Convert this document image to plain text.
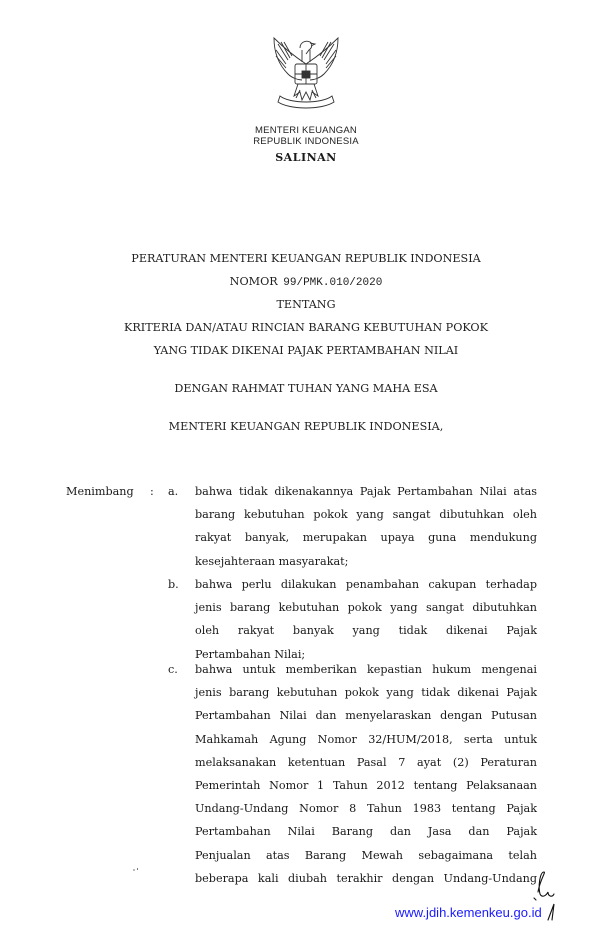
MENTERI KEUANGAN
REPUBLIK INDONESIA
SALINAN
PERATURAN MENTERI KEUANGAN REPUBLIK INDONESIA
NOMOR 99/PMK.010/2020
TENTANG
KRITERIA DAN/ATAU RINCIAN BARANG KEBUTUHAN POKOK
YANG TIDAK DIKENAI PAJAK PERTAMBAHAN NILAI
DENGAN RAHMAT TUHAN YANG MAHA ESA
MENTERI KEUANGAN REPUBLIK INDONESIA,
Menimbang : a. bahwa tidak dikenakannya Pajak Pertambahan Nilai atas
barang kebutuhan pokok yang sangat dibutuhkan oleh
rakyat banyak, merupakan upaya guna mendukung
kesejahteraan masyarakat;
b. bahwa perlu dilakukan penambahan cakupan terhadap
jenis barang kebutuhan pokok yang sangat dibutuhkan
oleh rakyat banyak yang tidak dikenai Pajak
Pertambahan Nilai;
c. bahwa untuk memberikan kepastian hukum mengenai
jenis barang kebutuhan pokok yang tidak dikenai Pajak
Pertambahan Nilai dan menyelaraskan dengan Putusan
Mahkamah Agung Nomor 32/HUM/2018, serta untuk
melaksanakan ketentuan Pasal 7 ayat (2) Peraturan
Pemerintah Nomor 1 Tahun 2012 tentang Pelaksanaan
Undang-Undang Nomor 8 Tahun 1983 tentang Pajak
Pertambahan Nilai Barang dan Jasa dan Pajak
Penjualan atas Barang Mewah sebagaimana telah
beberapa kali diubah terakhir dengan Undang-Undang
www.jdih.kemenkeu.go.id
